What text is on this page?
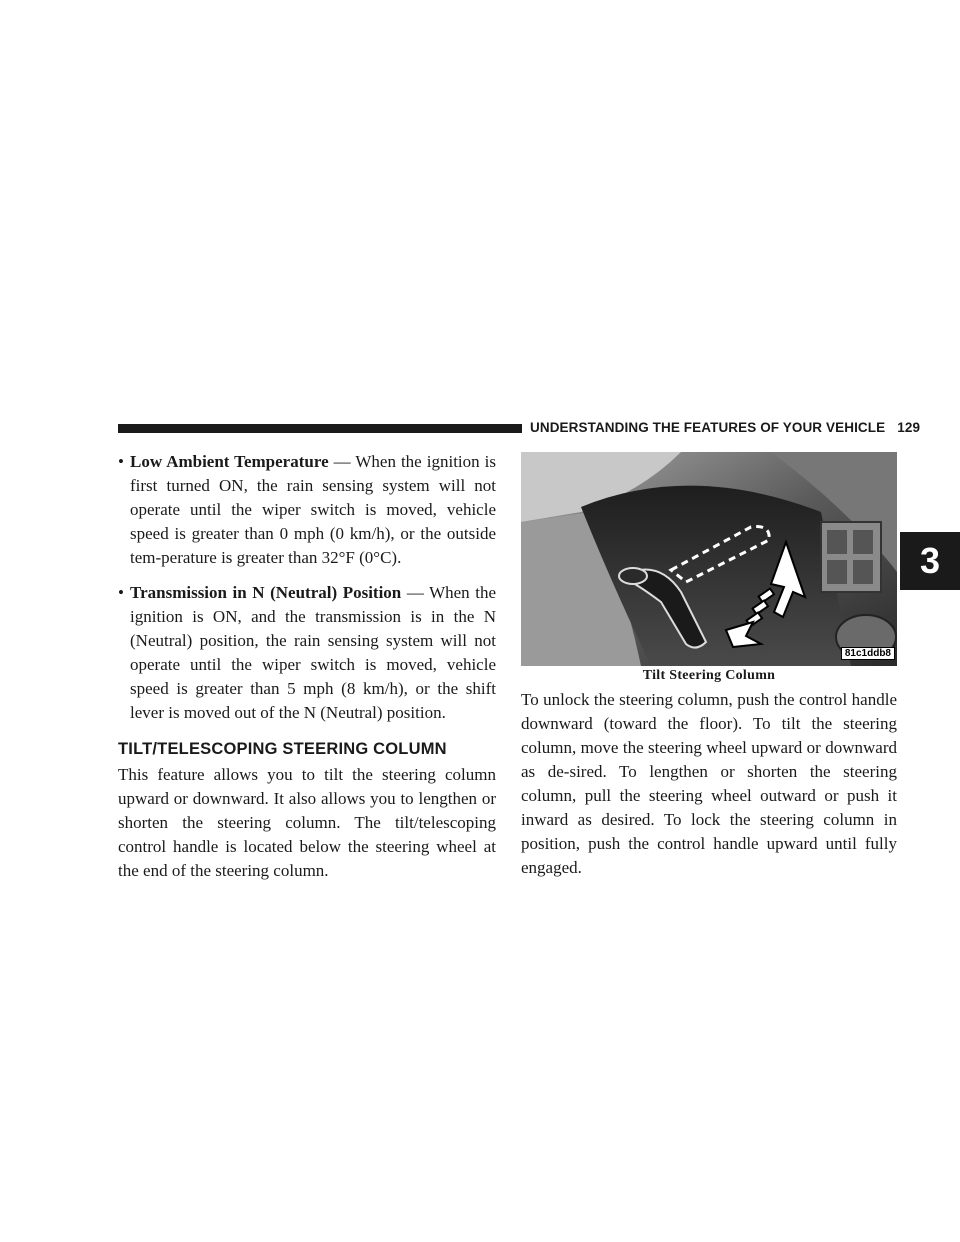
UNDERSTANDING THE FEATURES OF YOUR VEHICLE 129
3
• Low Ambient Temperature — When the ignition is first turned ON, the rain sensing system will not operate until the wiper switch is moved, vehicle speed is greater than 0 mph (0 km/h), or the outside tem-perature is greater than 32°F (0°C).
• Transmission in N (Neutral) Position — When the ignition is ON, and the transmission is in the N (Neutral) position, the rain sensing system will not operate until the wiper switch is moved, vehicle speed is greater than 5 mph (8 km/h), or the shift lever is moved out of the N (Neutral) position.
TILT/TELESCOPING STEERING COLUMN

This feature allows you to tilt the steering column upward or downward. It also allows you to lengthen or shorten the steering column. The tilt/telescoping control handle is located below the steering wheel at the end of the steering column.

81c1ddb8
Tilt Steering Column

To unlock the steering column, push the control handle downward (toward the floor). To tilt the steering column, move the steering wheel upward or downward as de-sired. To lengthen or shorten the steering column, pull the steering wheel outward or push it inward as desired. To lock the steering column in position, push the control handle upward until fully engaged.
